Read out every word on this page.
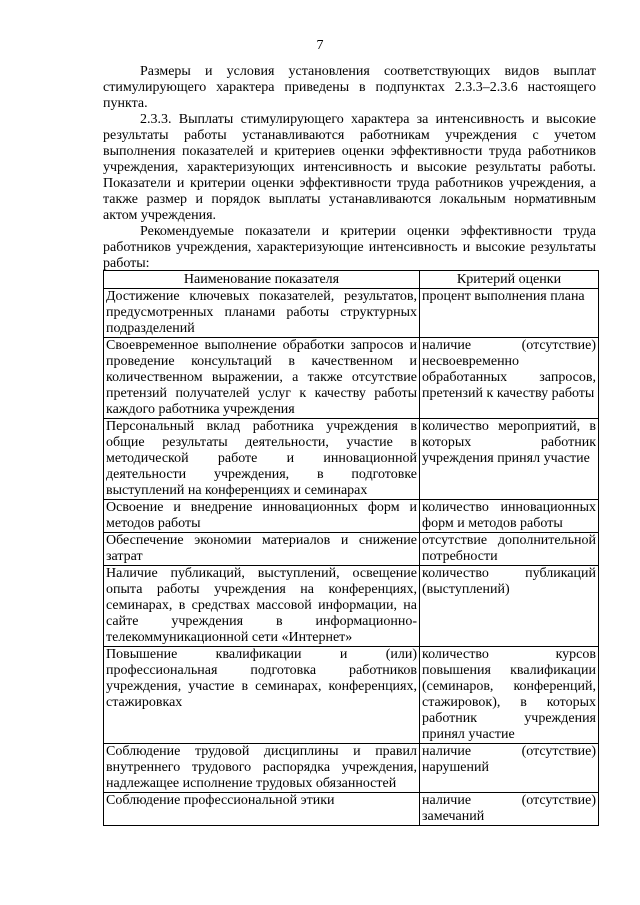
7

Размеры и условия установления соответствующих видов выплат стимулирующего характера приведены в подпунктах 2.3.3–2.3.6 настоящего пункта.

2.3.3. Выплаты стимулирующего характера за интенсивность и высокие результаты работы устанавливаются работникам учреждения с учетом выполнения показателей и критериев оценки эффективности труда работников учреждения, характеризующих интенсивность и высокие результаты работы. Показатели и критерии оценки эффективности труда работников учреждения, а также размер и порядок выплаты устанавливаются локальным нормативным актом учреждения.

Рекомендуемые показатели и критерии оценки эффективности труда работников учреждения, характеризующие интенсивность и высокие результаты работы:

Наименование показателя	Критерий оценки
Достижение ключевых показателей, результатов, предусмотренных планами работы структурных подразделений	процент выполнения плана
Своевременное выполнение обработки запросов и проведение консультаций в качественном и количественном выражении, а также отсутствие претензий получателей услуг к качеству работы каждого работника учреждения	наличие (отсутствие) несвоевременно обработанных запросов, претензий к качеству работы
Персональный вклад работника учреждения в общие результаты деятельности, участие в методической работе и инновационной деятельности учреждения, в подготовке выступлений на конференциях и семинарах	количество мероприятий, в которых работник учреждения принял участие
Освоение и внедрение инновационных форм и методов работы	количество инновационных форм и методов работы
Обеспечение экономии материалов и снижение затрат	отсутствие дополнительной потребности
Наличие публикаций, выступлений, освещение опыта работы учреждения на конференциях, семинарах, в средствах массовой информации, на сайте учреждения в информационно-телекоммуникационной сети «Интернет»	количество публикаций (выступлений)
Повышение квалификации и (или) профессиональная подготовка работников учреждения, участие в семинарах, конференциях, стажировках	количество курсов повышения квалификации (семинаров, конференций, стажировок), в которых работник учреждения принял участие
Соблюдение трудовой дисциплины и правил внутреннего трудового распорядка учреждения, надлежащее исполнение трудовых обязанностей	наличие (отсутствие) нарушений
Соблюдение профессиональной этики	наличие (отсутствие) замечаний
